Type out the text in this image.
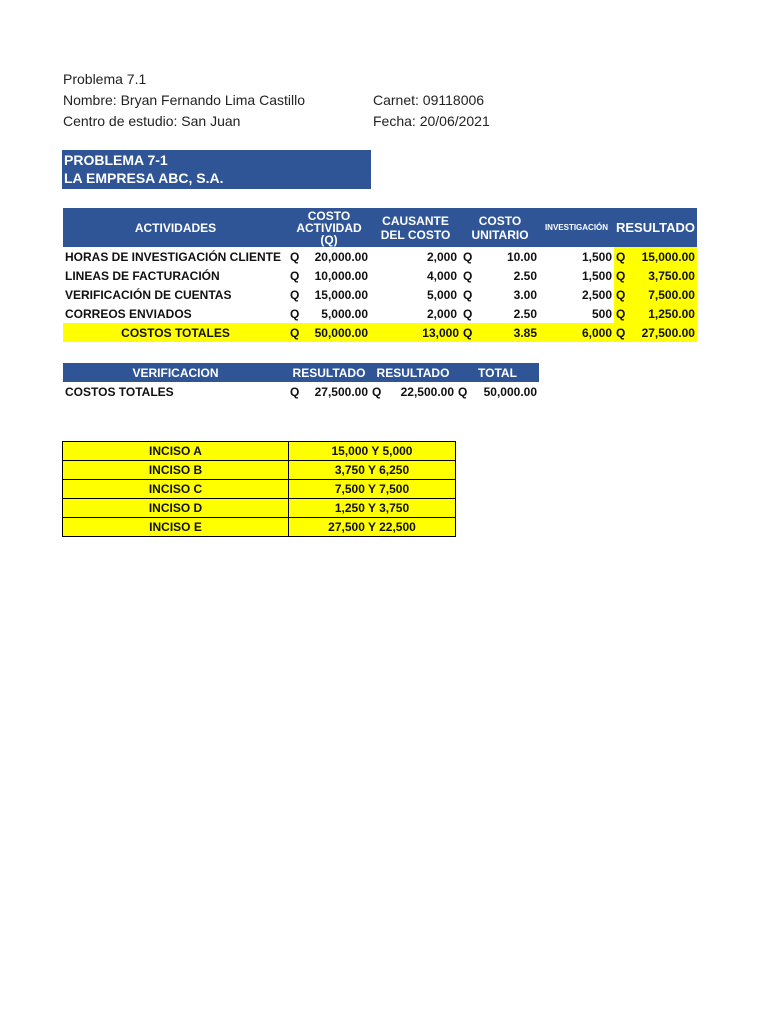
Problema 7.1
Nombre: Bryan Fernando Lima Castillo	Carnet: 09118006
Centro de estudio: San Juan	Fecha: 20/06/2021
PROBLEMA 7-1
LA EMPRESA ABC, S.A.
ACTIVIDADES	COSTO ACTIVIDAD (Q)	CAUSANTE DEL COSTO	COSTO UNITARIO	INVESTIGACIÓN	RESULTADO
HORAS DE INVESTIGACIÓN CLIENTE	Q 20,000.00	2,000	Q 10.00	1,500	Q 15,000.00

LINEAS DE FACTURACIÓN	Q 10,000.00	4,000	Q 2.50	1,500	Q 3,750.00

VERIFICACIÓN DE CUENTAS	Q 15,000.00	5,000	Q 3.00	2,500	Q 7,500.00

CORREOS ENVIADOS	Q 5,000.00	2,000	Q 2.50	500	Q 1,250.00

COSTOS TOTALES	Q 50,000.00	13,000	Q 3.85	6,000	Q 27,500.00
VERIFICACION	RESULTADO	RESULTADO	TOTAL
COSTOS TOTALES	Q 27,500.00	Q 22,500.00	Q 50,000.00
INCISO A	15,000 Y 5,000
INCISO B	3,750 Y 6,250
INCISO C	7,500 Y 7,500
INCISO D	1,250 Y 3,750
INCISO E	27,500 Y 22,500
